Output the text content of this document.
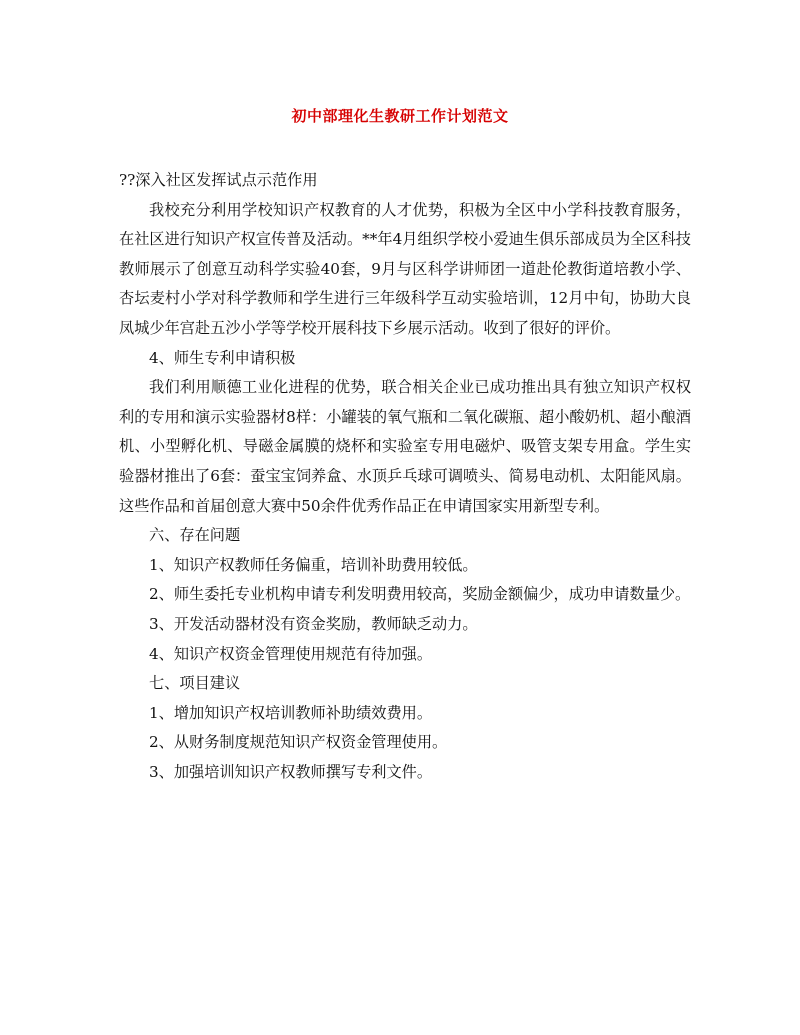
初中部理化生教研工作计划范文

??深入社区发挥试点示范作用

我校充分利用学校知识产权教育的人才优势，积极为全区中小学科技教育服务，在社区进行知识产权宣传普及活动。**年4月组织学校小爱迪生俱乐部成员为全区科技教师展示了创意互动科学实验40套，9月与区科学讲师团一道赴伦教街道培教小学、杏坛麦村小学对科学教师和学生进行三年级科学互动实验培训，12月中旬，协助大良凤城少年宫赴五沙小学等学校开展科技下乡展示活动。收到了很好的评价。

4、师生专利申请积极

我们利用顺德工业化进程的优势，联合相关企业已成功推出具有独立知识产权权利的专用和演示实验器材8样：小罐装的氧气瓶和二氧化碳瓶、超小酸奶机、超小酿酒机、小型孵化机、导磁金属膜的烧杯和实验室专用电磁炉、吸管支架专用盒。学生实验器材推出了6套：蚕宝宝饲养盒、水顶乒乓球可调喷头、简易电动机、太阳能风扇。这些作品和首届创意大赛中50余件优秀作品正在申请国家实用新型专利。

六、存在问题

1、知识产权教师任务偏重，培训补助费用较低。

2、师生委托专业机构申请专利发明费用较高，奖励金额偏少，成功申请数量少。

3、开发活动器材没有资金奖励，教师缺乏动力。

4、知识产权资金管理使用规范有待加强。

七、项目建议

1、增加知识产权培训教师补助绩效费用。

2、从财务制度规范知识产权资金管理使用。

3、加强培训知识产权教师撰写专利文件。
